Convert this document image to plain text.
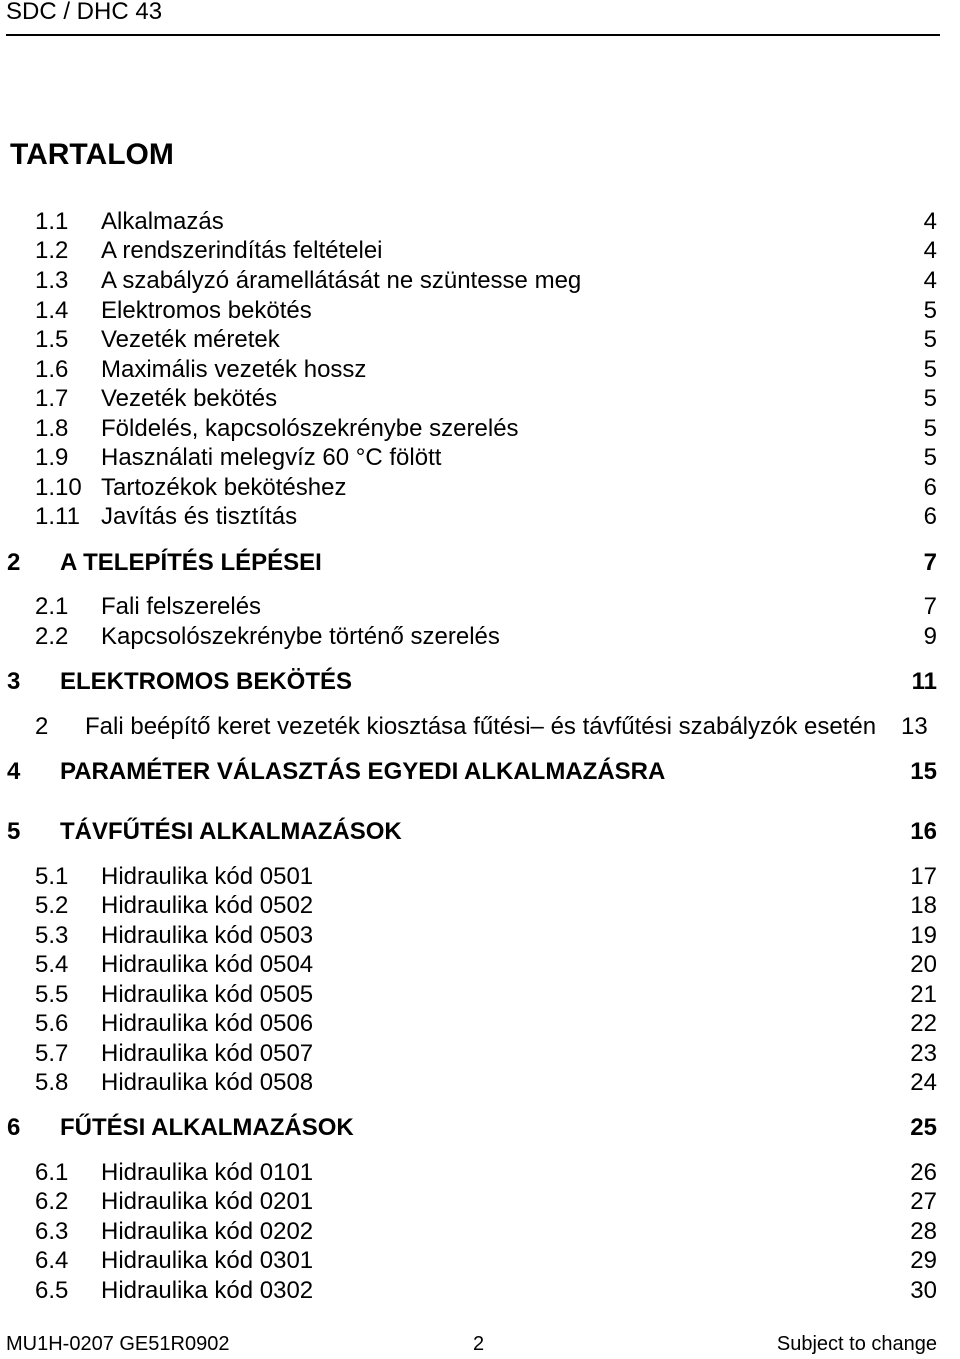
SDC / DHC 43
TARTALOM
1.1 Alkalmazás	4
1.2 A rendszerindítás feltételei	4
1.3 A szabályzó áramellátását ne szüntesse meg	4
1.4 Elektromos bekötés	5
1.5 Vezeték méretek	5
1.6 Maximális vezeték hossz	5
1.7 Vezeték bekötés	5
1.8 Földelés, kapcsolószekrénybe szerelés	5
1.9 Használati melegvíz 60 °C fölött	5
1.10 Tartozékok bekötéshez	6
1.11 Javítás és tisztítás	6
2 A TELEPÍTÉS LÉPÉSEI	7
2.1 Fali felszerelés	7
2.2 Kapcsolószekrénybe történő szerelés	9
3 ELEKTROMOS BEKÖTÉS	11
2 Fali beépítő keret vezeték kiosztása fűtési– és távfűtési szabályzók esetén 13
4 PARAMÉTER VÁLASZTÁS EGYEDI ALKALMAZÁSRA	15
5 TÁVFŰTÉSI ALKALMAZÁSOK	16
5.1 Hidraulika kód 0501	17
5.2 Hidraulika kód 0502	18
5.3 Hidraulika kód 0503	19
5.4 Hidraulika kód 0504	20
5.5 Hidraulika kód 0505	21
5.6 Hidraulika kód 0506	22
5.7 Hidraulika kód 0507	23
5.8 Hidraulika kód 0508	24
6 FŰTÉSI ALKALMAZÁSOK	25
6.1 Hidraulika kód 0101	26
6.2 Hidraulika kód 0201	27
6.3 Hidraulika kód 0202	28
6.4 Hidraulika kód 0301	29
6.5 Hidraulika kód 0302	30
MU1H-0207 GE51R0902	2	Subject to change
